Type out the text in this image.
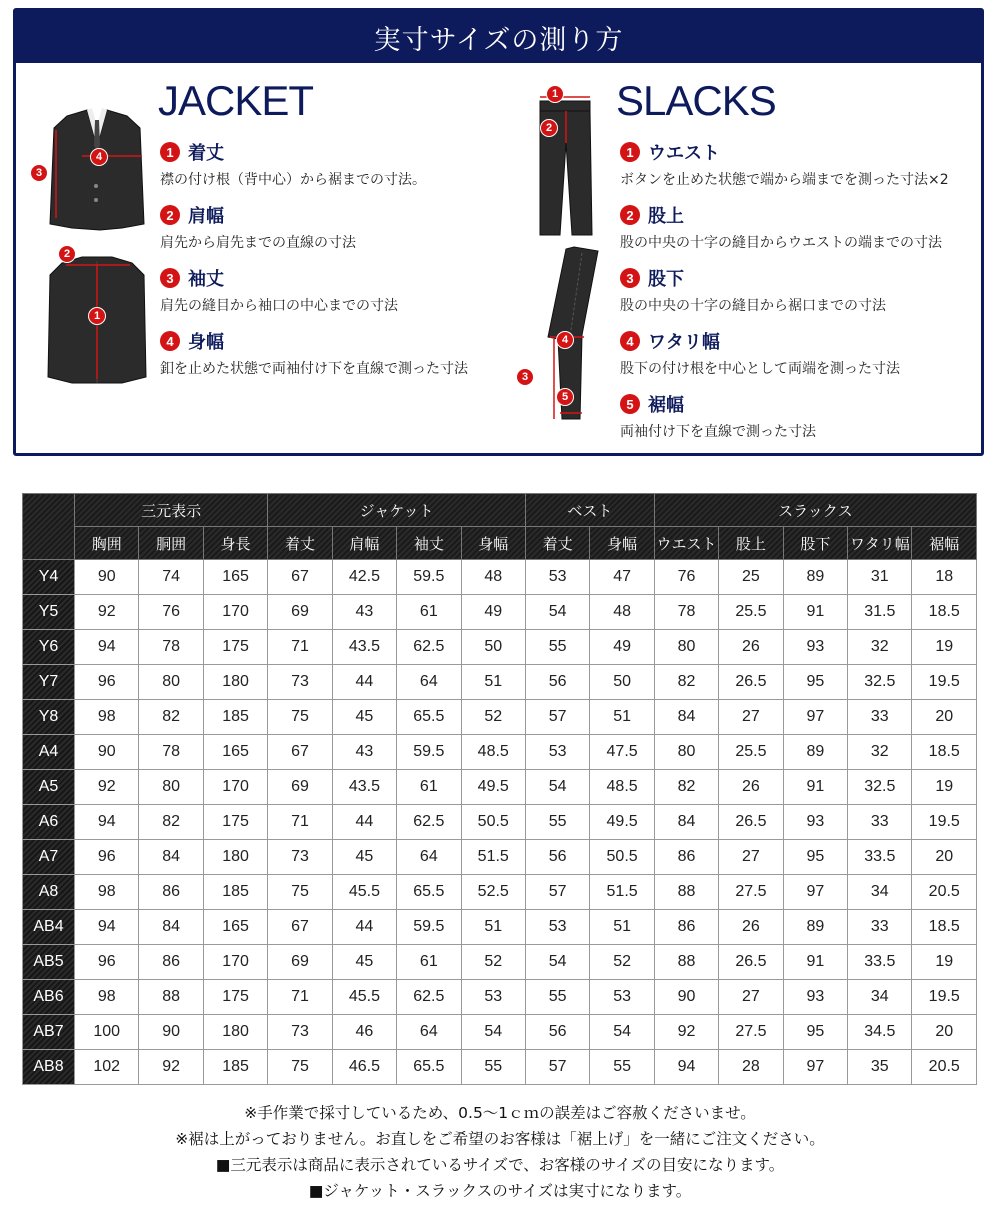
実寸サイズの測り方
3
4
2
1
JACKET
1 着丈
襟の付け根（背中心）から裾までの寸法。
2 肩幅
肩先から肩先までの直線の寸法
3 袖丈
肩先の縫目から袖口の中心までの寸法
4 身幅
釦を止めた状態で両袖付け下を直線で測った寸法
1
2
4
3
5
SLACKS
1 ウエスト
ボタンを止めた状態で端から端までを測った寸法×2
2 股上
股の中央の十字の縫目からウエストの端までの寸法
3 股下
股の中央の十字の縫目から裾口までの寸法
4 ワタリ幅
股下の付け根を中心として両端を測った寸法
5 裾幅
両袖付け下を直線で測った寸法
	三元表示			ジャケット				ベスト		スラックス				
	胸囲	胴囲	身長	着丈	肩幅	袖丈	身幅	着丈	身幅	ウエスト	股上	股下	ワタリ幅	裾幅
Y4	90	74	165	67	42.5	59.5	48	53	47	76	25	89	31	18
Y5	92	76	170	69	43	61	49	54	48	78	25.5	91	31.5	18.5
Y6	94	78	175	71	43.5	62.5	50	55	49	80	26	93	32	19
Y7	96	80	180	73	44	64	51	56	50	82	26.5	95	32.5	19.5
Y8	98	82	185	75	45	65.5	52	57	51	84	27	97	33	20
A4	90	78	165	67	43	59.5	48.5	53	47.5	80	25.5	89	32	18.5
A5	92	80	170	69	43.5	61	49.5	54	48.5	82	26	91	32.5	19
A6	94	82	175	71	44	62.5	50.5	55	49.5	84	26.5	93	33	19.5
A7	96	84	180	73	45	64	51.5	56	50.5	86	27	95	33.5	20
A8	98	86	185	75	45.5	65.5	52.5	57	51.5	88	27.5	97	34	20.5
AB4	94	84	165	67	44	59.5	51	53	51	86	26	89	33	18.5
AB5	96	86	170	69	45	61	52	54	52	88	26.5	91	33.5	19
AB6	98	88	175	71	45.5	62.5	53	55	53	90	27	93	34	19.5
AB7	100	90	180	73	46	64	54	56	54	92	27.5	95	34.5	20
AB8	102	92	185	75	46.5	65.5	55	57	55	94	28	97	35	20.5
※手作業で採寸しているため、0.5〜1ｃｍの誤差はご容赦くださいませ。
※裾は上がっておりません。お直しをご希望のお客様は「裾上げ」を一緒にご注文ください。
■三元表示は商品に表示されているサイズで、お客様のサイズの目安になります。
■ジャケット・スラックスのサイズは実寸になります。
